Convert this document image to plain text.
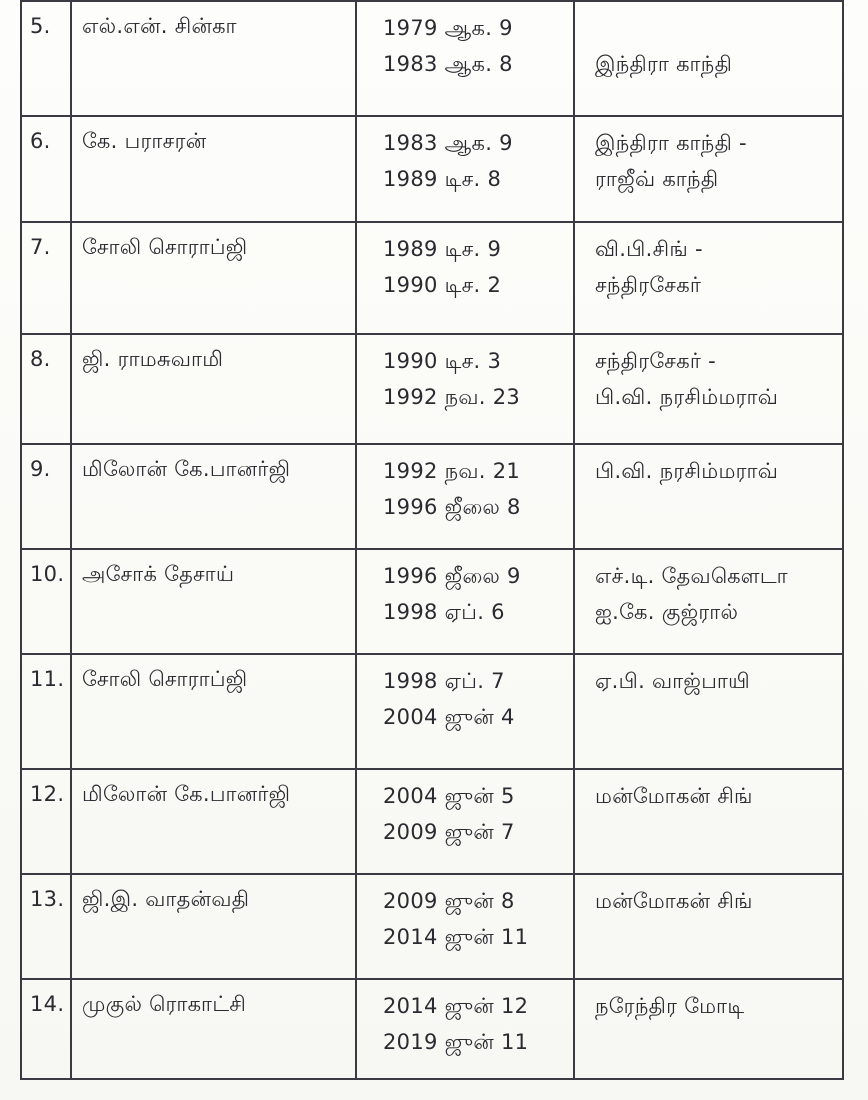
5.	எல்.என். சின்கா	1979 ஆக. 9
1983 ஆக. 8	இந்திரா காந்தி

6.	கே. பராசரன்	1983 ஆக. 9
1989 டிச. 8	இந்திரா காந்தி -
ராஜீவ் காந்தி

7.	சோலி சொராப்ஜி	1989 டிச. 9
1990 டிச. 2	வி.பி.சிங் -
சந்திரசேகர்

8.	ஜி. ராமசுவாமி	1990 டிச. 3
1992 நவ. 23	சந்திரசேகர் -
பி.வி. நரசிம்மராவ்

9.	மிலோன் கே.பானர்ஜி	1992 நவ. 21
1996 ஜீலை 8	பி.வி. நரசிம்மராவ்

10.	அசோக் தேசாய்	1996 ஜீலை 9
1998 ஏப். 6	எச்.டி. தேவகௌடா
ஐ.கே. குஜ்ரால்

11.	சோலி சொராப்ஜி	1998 ஏப். 7
2004 ஜுன் 4	ஏ.பி. வாஜ்பாயி

12.	மிலோன் கே.பானர்ஜி	2004 ஜுன் 5
2009 ஜுன் 7	மன்மோகன் சிங்

13.	ஜி.இ. வாதன்வதி	2009 ஜுன் 8
2014 ஜுன் 11	மன்மோகன் சிங்

14.	முகுல் ரொகாட்சி	2014 ஜுன் 12
2019 ஜுன் 11	நரேந்திர மோடி
